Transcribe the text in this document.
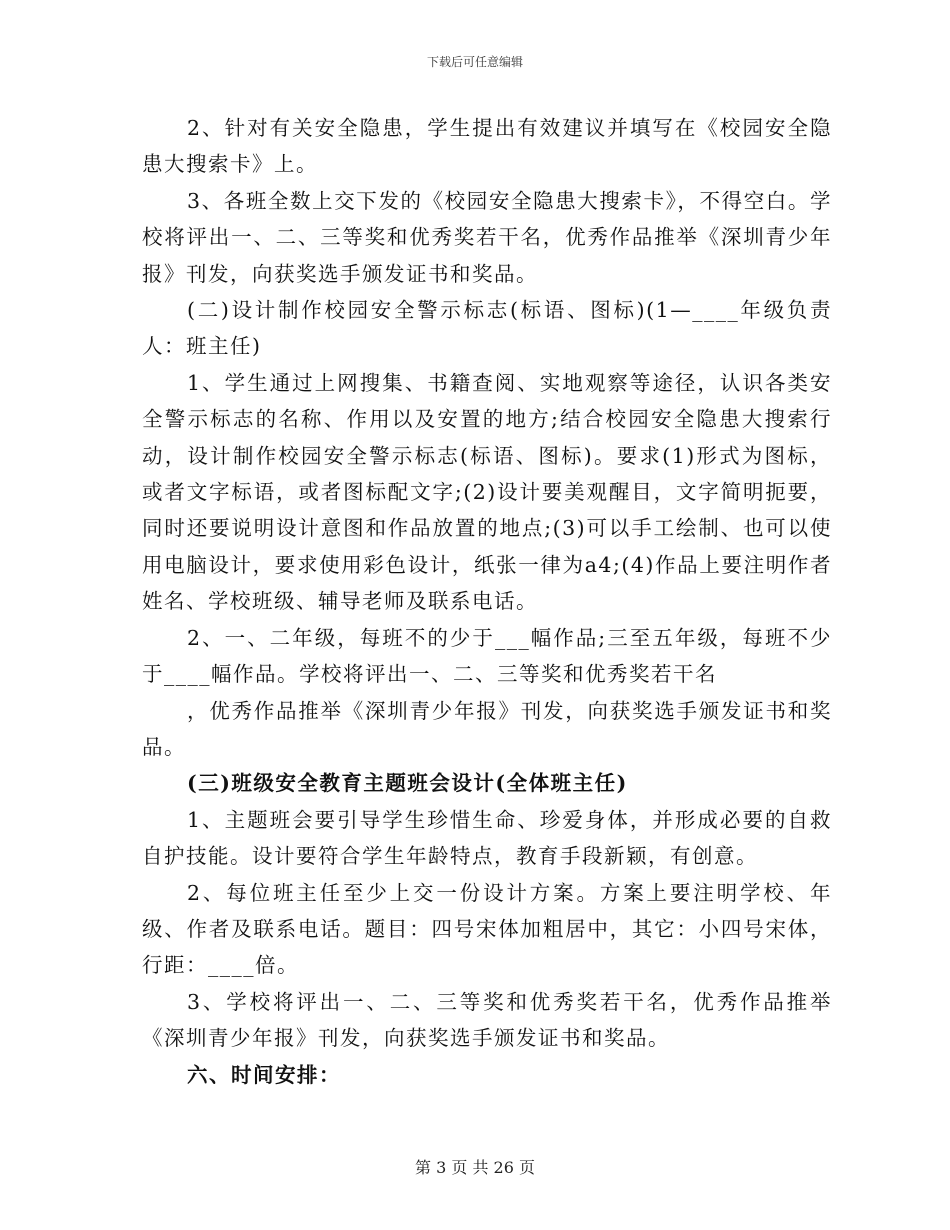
下载后可任意编辑

2、针对有关安全隐患，学生提出有效建议并填写在《校园安全隐患大搜索卡》上。

3、各班全数上交下发的《校园安全隐患大搜索卡》，不得空白。学校将评出一、二、三等奖和优秀奖若干名，优秀作品推举《深圳青少年报》刊发，向获奖选手颁发证书和奖品。

(二)设计制作校园安全警示标志(标语、图标)(1—____年级负责人：班主任)

1、学生通过上网搜集、书籍查阅、实地观察等途径，认识各类安全警示标志的名称、作用以及安置的地方;结合校园安全隐患大搜索行动，设计制作校园安全警示标志(标语、图标)。要求(1)形式为图标，或者文字标语，或者图标配文字;(2)设计要美观醒目，文字简明扼要，同时还要说明设计意图和作品放置的地点;(3)可以手工绘制、也可以使用电脑设计，要求使用彩色设计，纸张一律为a4;(4)作品上要注明作者姓名、学校班级、辅导老师及联系电话。

2、一、二年级，每班不的少于___幅作品;三至五年级，每班不少于____幅作品。学校将评出一、二、三等奖和优秀奖若干名

，优秀作品推举《深圳青少年报》刊发，向获奖选手颁发证书和奖品。

(三)班级安全教育主题班会设计(全体班主任)

1、主题班会要引导学生珍惜生命、珍爱身体，并形成必要的自救自护技能。设计要符合学生年龄特点，教育手段新颖，有创意。

2、每位班主任至少上交一份设计方案。方案上要注明学校、年级、作者及联系电话。题目：四号宋体加粗居中，其它：小四号宋体，行距：____倍。

3、学校将评出一、二、三等奖和优秀奖若干名，优秀作品推举《深圳青少年报》刊发，向获奖选手颁发证书和奖品。

六、时间安排：

第 3 页 共 26 页
